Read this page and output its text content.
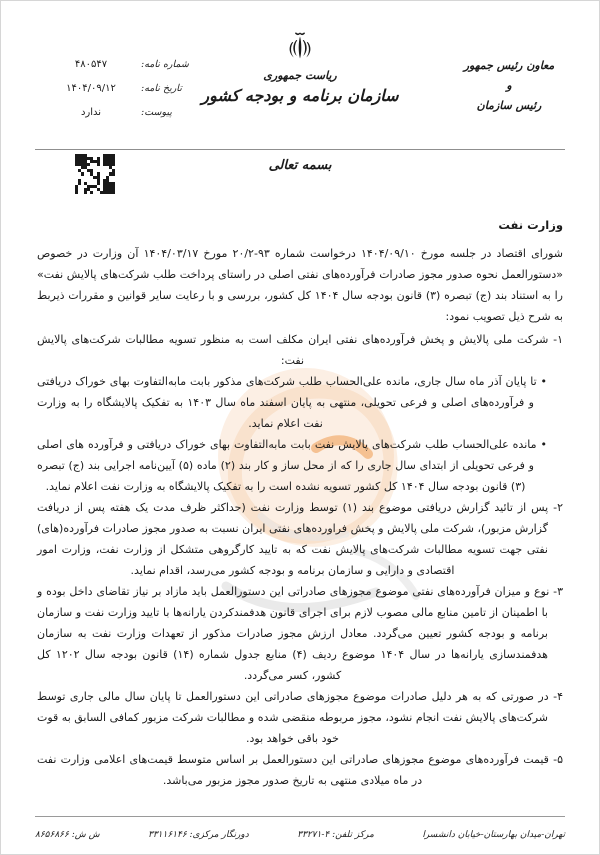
شماره نامه:
۴۸۰۵۴۷
تاریخ نامه:
۱۴۰۴/۰۹/۱۲
پیوست:
ندارد
ریاست جمهوری
سازمان برنامه و بودجه کشور
معاون رئیس جمهور
و
رئیس سازمان
بسمه تعالی
وزارت نفت

شورای اقتصاد در جلسه مورخ ۱۴۰۴/۰۹/۱۰ درخواست شماره ۹۳-۲۰/۲ مورخ ۱۴۰۴/۰۳/۱۷ آن وزارت در خصوص «دستورالعمل نحوه صدور مجوز صادرات فرآورده‌های نفتی اصلی در راستای پرداخت طلب شرکت‌های پالایش نفت» را به استناد بند (ج) تبصره (۳) قانون بودجه سال ۱۴۰۴ کل کشور، بررسی و با رعایت سایر قوانین و مقررات ذیربط به شرح ذیل تصویب نمود:

۱- شرکت ملی پالایش و پخش فرآورده‌های نفتی ایران مکلف است به منظور تسویه مطالبات شرکت‌های پالایش نفت:

• تا پایان آذر ماه سال جاری، مانده علی‌الحساب طلب شرکت‌های مذکور بابت مابه‌التفاوت بهای خوراک دریافتی و فرآورده‌های اصلی و فرعی تحویلی، منتهی به پایان اسفند ماه سال ۱۴۰۳ به تفکیک پالایشگاه را به وزارت نفت اعلام نماید.
• مانده علی‌الحساب طلب شرکت‌های پالایش نفت بابت مابه‌التفاوت بهای خوراک دریافتی و فرآورده های اصلی و فرعی تحویلی از ابتدای سال جاری را که از محل ساز و کار بند (۲) ماده (۵) آیین‌نامه اجرایی بند (ج) تبصره (۳) قانون بودجه سال ۱۴۰۴ کل کشور تسویه نشده است را به تفکیک پالایشگاه به وزارت نفت اعلام نماید.

۲- پس از تائید گزارش دریافتی موضوع بند (۱) توسط وزارت نفت (حداکثر ظرف مدت یک هفته پس از دریافت گزارش مزبور)، شرکت ملی پالایش و پخش فراورده‌های نفتی ایران نسبت به صدور مجوز صادرات فرآورده(های) نفتی جهت تسویه مطالبات شرکت‌های پالایش نفت که به تایید کارگروهی متشکل از وزارت نفت، وزارت امور اقتصادی و دارایی و سازمان برنامه و بودجه کشور می‌رسد، اقدام نماید.

۳- نوع و میزان فرآورده‌های نفتی موضوع مجوزهای صادراتی این دستورالعمل باید مازاد بر نیاز تقاضای داخل بوده و با اطمینان از تامین منابع مالی مصوب لازم برای اجرای قانون هدفمندکردن یارانه‌ها با تایید وزارت نفت و سازمان برنامه و بودجه کشور تعیین می‌گردد. معادل ارزش مجوز صادرات مذکور از تعهدات وزارت نفت به سازمان هدفمندسازی یارانه‌ها در سال ۱۴۰۴ موضوع ردیف (۴) منابع جدول شماره (۱۴) قانون بودجه سال ۱۲۰۲ کل کشور، کسر می‌گردد.

۴- در صورتی که به هر دلیل صادرات موضوع مجوزهای صادراتی این دستورالعمل تا پایان سال مالی جاری توسط شرکت‌های پالایش نفت انجام نشود، مجوز مربوطه منقضی شده و مطالبات شرکت مزبور کمافی السابق به قوت خود باقی خواهد بود.

۵- قیمت فرآورده‌های موضوع مجوزهای صادراتی این دستورالعمل بر اساس متوسط قیمت‌های اعلامی وزارت نفت در ماه میلادی منتهی به تاریخ صدور مجوز مزبور می‌باشد.

تهران-میدان بهارستان-خیابان دانشسرا
مرکز تلفن: ۴-۳۳۲۷۱
دورنگار مرکزی: ۳۳۱۱۶۱۴۶
ش ش: ۸۶۵۶۸۶۶
